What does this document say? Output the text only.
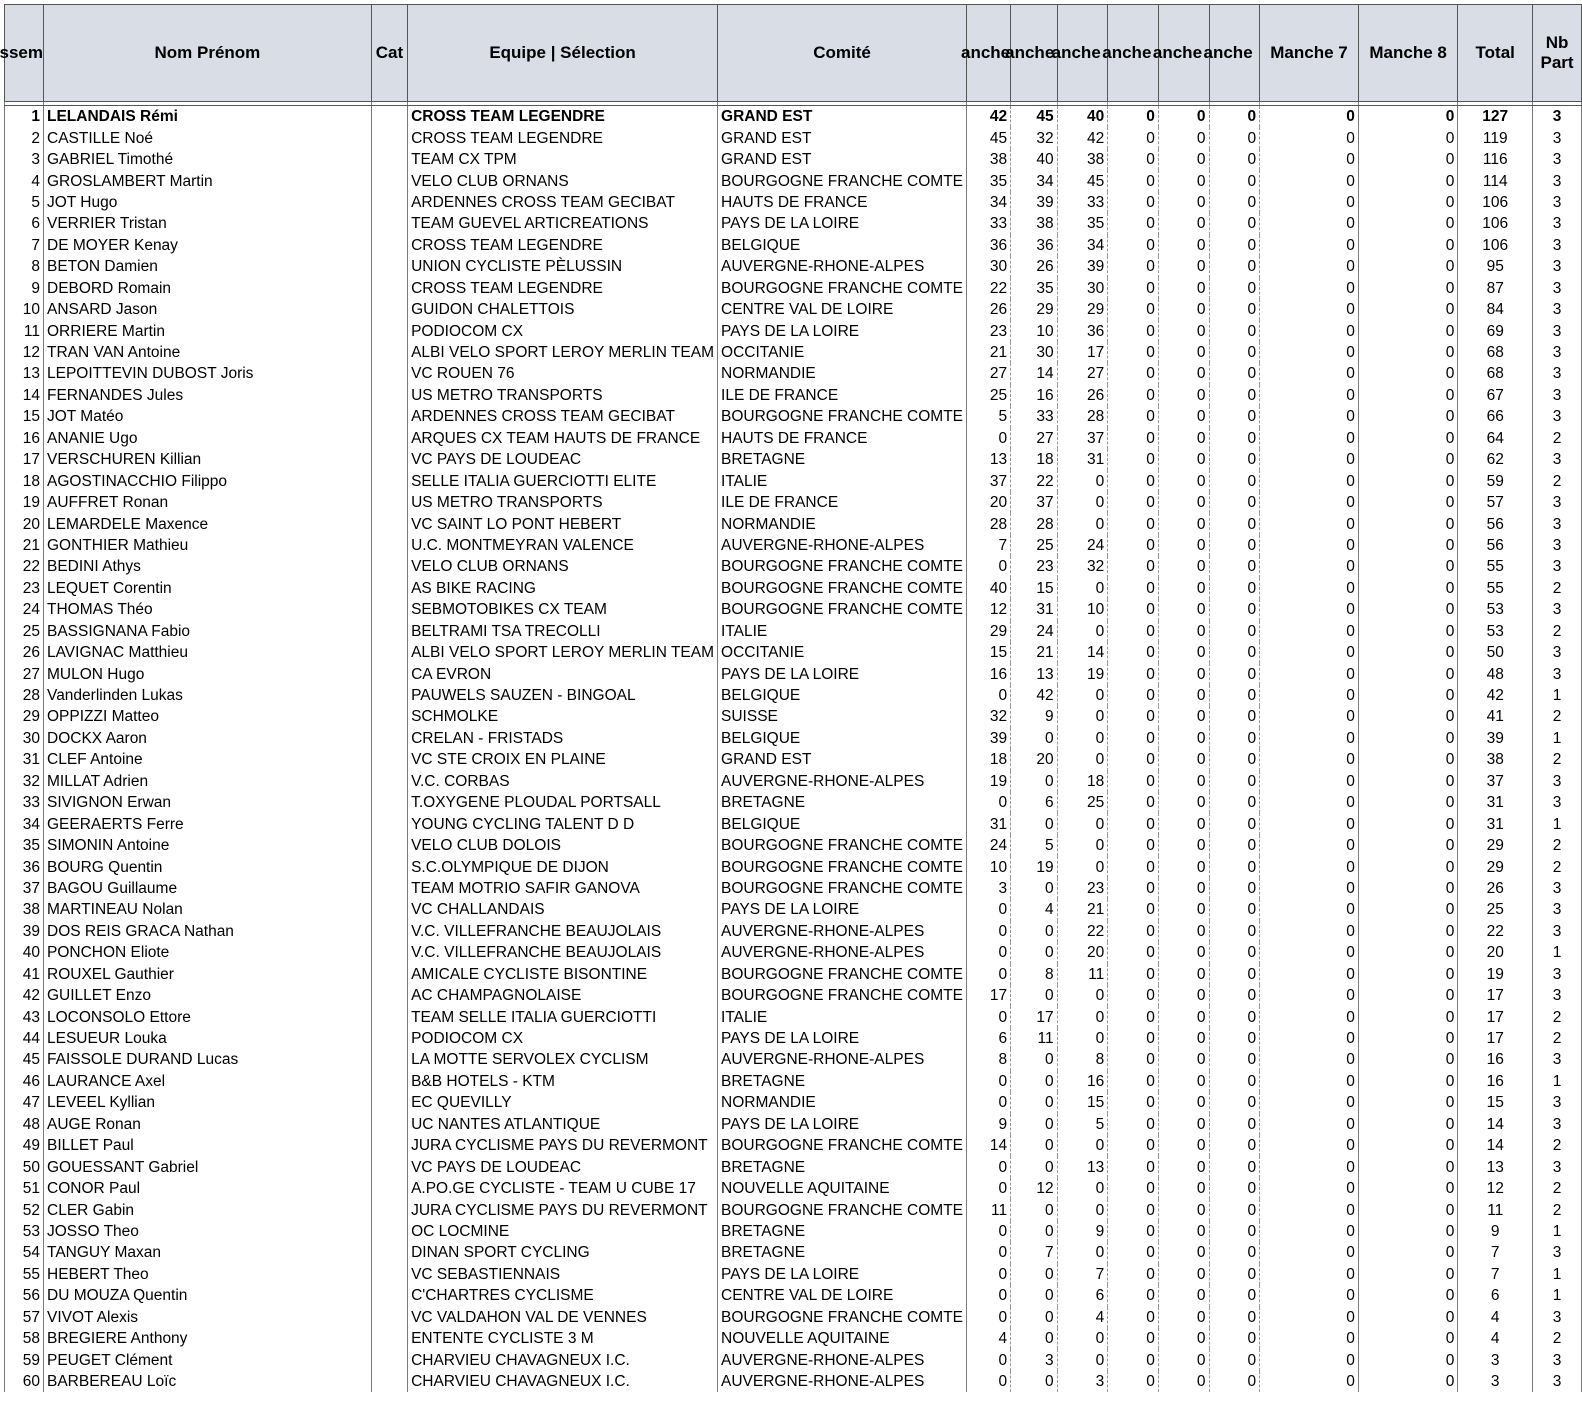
ssem	Nom Prénom	Cat	Equipe | Sélection	Comité	anche	anche	anche	anche	anche	anche	Manche 7	Manche 8	Total	Nb Part

1	LELANDAIS Rémi		CROSS TEAM LEGENDRE	GRAND EST	42	45	40	0	0	0	0	0	127	3
2	CASTILLE Noé		CROSS TEAM LEGENDRE	GRAND EST	45	32	42	0	0	0	0	0	119	3
3	GABRIEL Timothé		TEAM CX TPM	GRAND EST	38	40	38	0	0	0	0	0	116	3
4	GROSLAMBERT Martin		VELO CLUB ORNANS	BOURGOGNE FRANCHE COMTE	35	34	45	0	0	0	0	0	114	3
5	JOT Hugo		ARDENNES CROSS TEAM GECIBAT	HAUTS DE FRANCE	34	39	33	0	0	0	0	0	106	3
6	VERRIER Tristan		TEAM GUEVEL ARTICREATIONS	PAYS DE LA LOIRE	33	38	35	0	0	0	0	0	106	3
7	DE MOYER Kenay		CROSS TEAM LEGENDRE	BELGIQUE	36	36	34	0	0	0	0	0	106	3
8	BETON Damien		UNION CYCLISTE PÈLUSSIN	AUVERGNE-RHONE-ALPES	30	26	39	0	0	0	0	0	95	3
9	DEBORD Romain		CROSS TEAM LEGENDRE	BOURGOGNE FRANCHE COMTE	22	35	30	0	0	0	0	0	87	3
10	ANSARD Jason		GUIDON CHALETTOIS	CENTRE VAL DE LOIRE	26	29	29	0	0	0	0	0	84	3
11	ORRIERE Martin		PODIOCOM CX	PAYS DE LA LOIRE	23	10	36	0	0	0	0	0	69	3
12	TRAN VAN Antoine		ALBI VELO SPORT LEROY MERLIN TEAM	OCCITANIE	21	30	17	0	0	0	0	0	68	3
13	LEPOITTEVIN DUBOST Joris		VC ROUEN 76	NORMANDIE	27	14	27	0	0	0	0	0	68	3
14	FERNANDES Jules		US METRO TRANSPORTS	ILE DE FRANCE	25	16	26	0	0	0	0	0	67	3
15	JOT Matéo		ARDENNES CROSS TEAM GECIBAT	BOURGOGNE FRANCHE COMTE	5	33	28	0	0	0	0	0	66	3
16	ANANIE Ugo		ARQUES CX TEAM HAUTS DE FRANCE	HAUTS DE FRANCE	0	27	37	0	0	0	0	0	64	2
17	VERSCHUREN Killian		VC PAYS DE LOUDEAC	BRETAGNE	13	18	31	0	0	0	0	0	62	3
18	AGOSTINACCHIO Filippo		SELLE ITALIA GUERCIOTTI ELITE	ITALIE	37	22	0	0	0	0	0	0	59	2
19	AUFFRET Ronan		US METRO TRANSPORTS	ILE DE FRANCE	20	37	0	0	0	0	0	0	57	3
20	LEMARDELE Maxence		VC SAINT LO PONT HEBERT	NORMANDIE	28	28	0	0	0	0	0	0	56	3
21	GONTHIER Mathieu		U.C. MONTMEYRAN VALENCE	AUVERGNE-RHONE-ALPES	7	25	24	0	0	0	0	0	56	3
22	BEDINI Athys		VELO CLUB ORNANS	BOURGOGNE FRANCHE COMTE	0	23	32	0	0	0	0	0	55	3
23	LEQUET Corentin		AS BIKE RACING	BOURGOGNE FRANCHE COMTE	40	15	0	0	0	0	0	0	55	2
24	THOMAS Théo		SEBMOTOBIKES CX TEAM	BOURGOGNE FRANCHE COMTE	12	31	10	0	0	0	0	0	53	3
25	BASSIGNANA Fabio		BELTRAMI TSA TRECOLLI	ITALIE	29	24	0	0	0	0	0	0	53	2
26	LAVIGNAC Matthieu		ALBI VELO SPORT LEROY MERLIN TEAM	OCCITANIE	15	21	14	0	0	0	0	0	50	3
27	MULON Hugo		CA EVRON	PAYS DE LA LOIRE	16	13	19	0	0	0	0	0	48	3
28	Vanderlinden Lukas		PAUWELS SAUZEN - BINGOAL	BELGIQUE	0	42	0	0	0	0	0	0	42	1
29	OPPIZZI Matteo		SCHMOLKE	SUISSE	32	9	0	0	0	0	0	0	41	2
30	DOCKX Aaron		CRELAN - FRISTADS	BELGIQUE	39	0	0	0	0	0	0	0	39	1
31	CLEF Antoine		VC STE CROIX EN PLAINE	GRAND EST	18	20	0	0	0	0	0	0	38	2
32	MILLAT Adrien		V.C. CORBAS	AUVERGNE-RHONE-ALPES	19	0	18	0	0	0	0	0	37	3
33	SIVIGNON Erwan		T.OXYGENE PLOUDAL PORTSALL	BRETAGNE	0	6	25	0	0	0	0	0	31	3
34	GEERAERTS Ferre		YOUNG CYCLING TALENT D D	BELGIQUE	31	0	0	0	0	0	0	0	31	1
35	SIMONIN Antoine		VELO CLUB DOLOIS	BOURGOGNE FRANCHE COMTE	24	5	0	0	0	0	0	0	29	2
36	BOURG Quentin		S.C.OLYMPIQUE DE DIJON	BOURGOGNE FRANCHE COMTE	10	19	0	0	0	0	0	0	29	2
37	BAGOU Guillaume		TEAM MOTRIO SAFIR GANOVA	BOURGOGNE FRANCHE COMTE	3	0	23	0	0	0	0	0	26	3
38	MARTINEAU Nolan		VC CHALLANDAIS	PAYS DE LA LOIRE	0	4	21	0	0	0	0	0	25	3
39	DOS REIS GRACA Nathan		V.C. VILLEFRANCHE BEAUJOLAIS	AUVERGNE-RHONE-ALPES	0	0	22	0	0	0	0	0	22	3
40	PONCHON Eliote		V.C. VILLEFRANCHE BEAUJOLAIS	AUVERGNE-RHONE-ALPES	0	0	20	0	0	0	0	0	20	1
41	ROUXEL Gauthier		AMICALE CYCLISTE BISONTINE	BOURGOGNE FRANCHE COMTE	0	8	11	0	0	0	0	0	19	3
42	GUILLET Enzo		AC CHAMPAGNOLAISE	BOURGOGNE FRANCHE COMTE	17	0	0	0	0	0	0	0	17	3
43	LOCONSOLO Ettore		TEAM SELLE ITALIA GUERCIOTTI	ITALIE	0	17	0	0	0	0	0	0	17	2
44	LESUEUR Louka		PODIOCOM CX	PAYS DE LA LOIRE	6	11	0	0	0	0	0	0	17	2
45	FAISSOLE DURAND Lucas		LA MOTTE SERVOLEX CYCLISM	AUVERGNE-RHONE-ALPES	8	0	8	0	0	0	0	0	16	3
46	LAURANCE Axel		B&B HOTELS - KTM	BRETAGNE	0	0	16	0	0	0	0	0	16	1
47	LEVEEL Kyllian		EC QUEVILLY	NORMANDIE	0	0	15	0	0	0	0	0	15	3
48	AUGE Ronan		UC NANTES ATLANTIQUE	PAYS DE LA LOIRE	9	0	5	0	0	0	0	0	14	3
49	BILLET Paul		JURA CYCLISME PAYS DU REVERMONT	BOURGOGNE FRANCHE COMTE	14	0	0	0	0	0	0	0	14	2
50	GOUESSANT Gabriel		VC PAYS DE LOUDEAC	BRETAGNE	0	0	13	0	0	0	0	0	13	3
51	CONOR Paul		A.PO.GE CYCLISTE - TEAM U CUBE 17	NOUVELLE AQUITAINE	0	12	0	0	0	0	0	0	12	2
52	CLER Gabin		JURA CYCLISME PAYS DU REVERMONT	BOURGOGNE FRANCHE COMTE	11	0	0	0	0	0	0	0	11	2
53	JOSSO Theo		OC LOCMINE	BRETAGNE	0	0	9	0	0	0	0	0	9	1
54	TANGUY Maxan		DINAN SPORT CYCLING	BRETAGNE	0	7	0	0	0	0	0	0	7	3
55	HEBERT Theo		VC SEBASTIENNAIS	PAYS DE LA LOIRE	0	0	7	0	0	0	0	0	7	1
56	DU MOUZA Quentin		C'CHARTRES CYCLISME	CENTRE VAL DE LOIRE	0	0	6	0	0	0	0	0	6	1
57	VIVOT Alexis		VC VALDAHON VAL DE VENNES	BOURGOGNE FRANCHE COMTE	0	0	4	0	0	0	0	0	4	3
58	BREGIERE Anthony		ENTENTE CYCLISTE 3 M	NOUVELLE AQUITAINE	4	0	0	0	0	0	0	0	4	2
59	PEUGET Clément		CHARVIEU CHAVAGNEUX I.C.	AUVERGNE-RHONE-ALPES	0	3	0	0	0	0	0	0	3	3
60	BARBEREAU Loïc		CHARVIEU CHAVAGNEUX I.C.	AUVERGNE-RHONE-ALPES	0	0	3	0	0	0	0	0	3	3
